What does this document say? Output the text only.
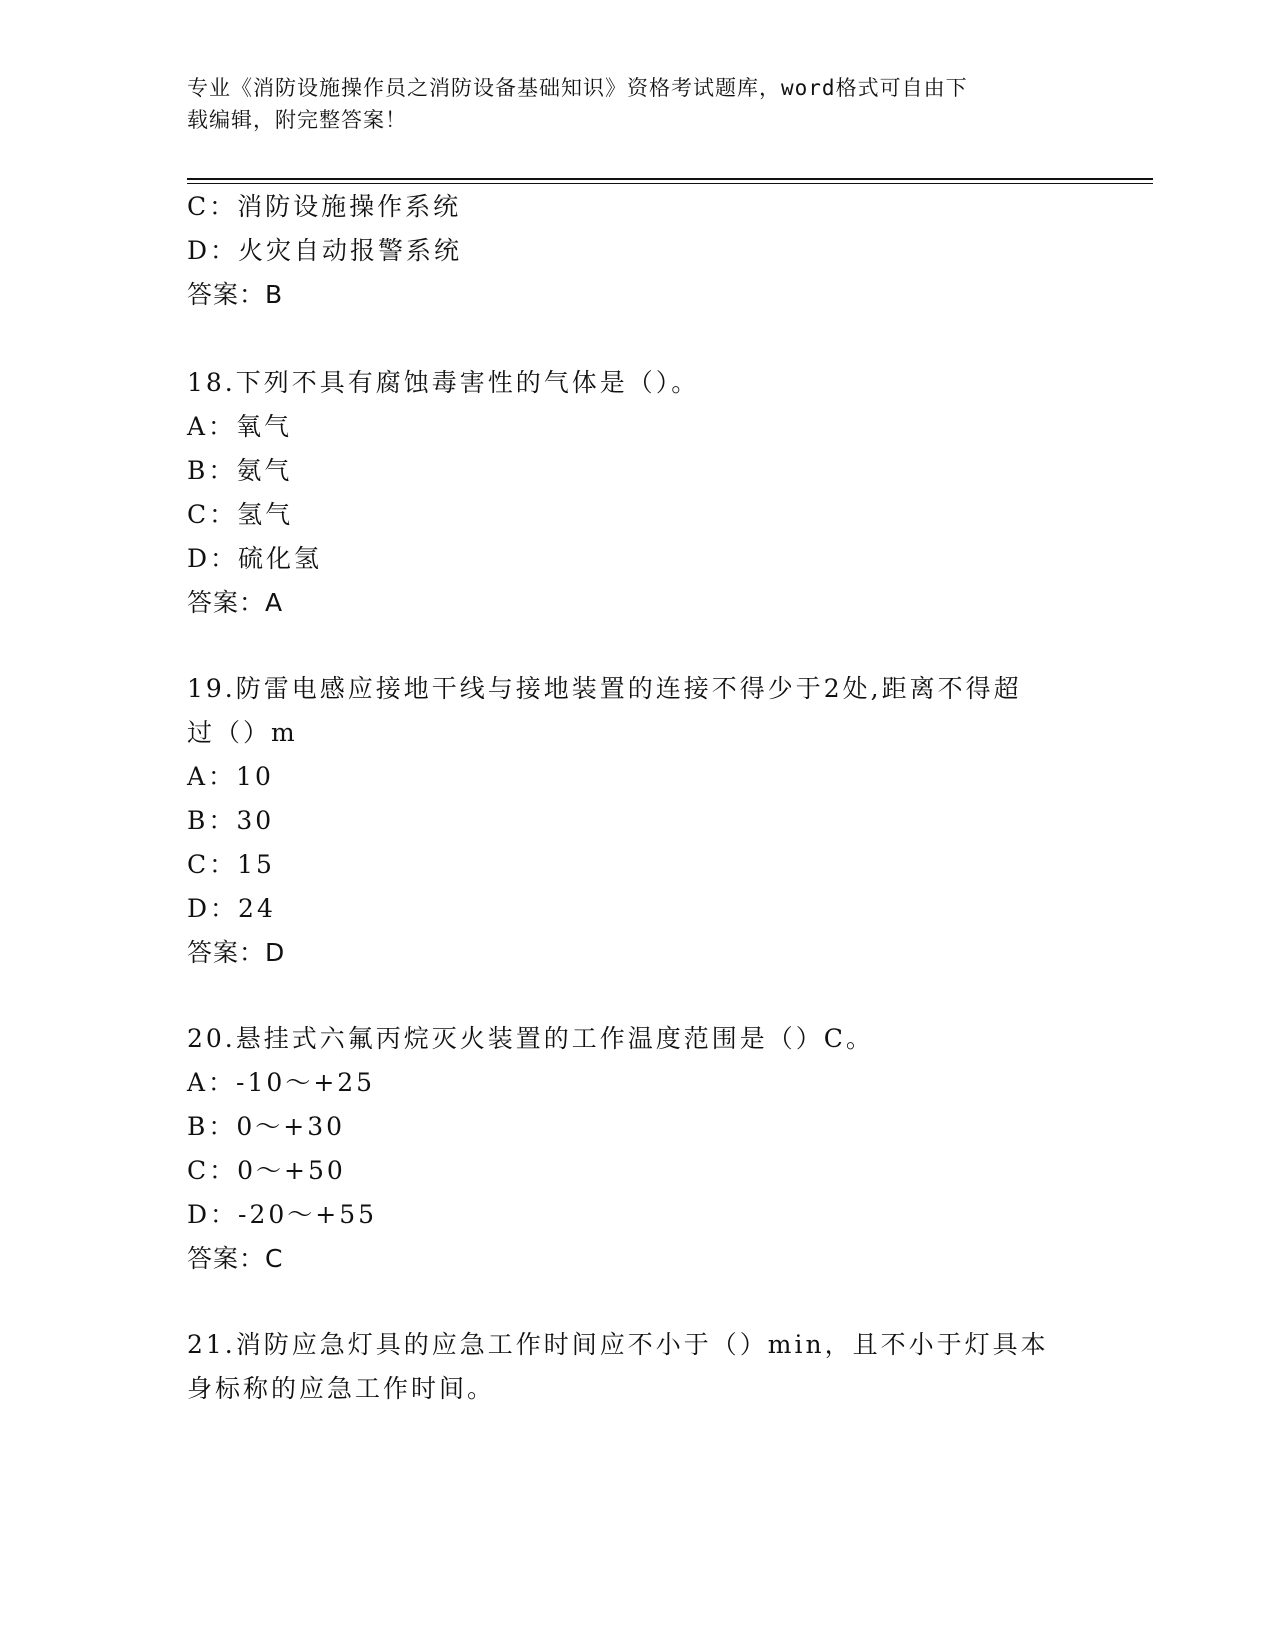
专业《消防设施操作员之消防设备基础知识》资格考试题库，word格式可自由下
载编辑，附完整答案！
C：消防设施操作系统
D：火灾自动报警系统
答案：B
18.下列不具有腐蚀毒害性的气体是（）。
A：氧气
B：氨气
C：氢气
D：硫化氢
答案：A
19.防雷电感应接地干线与接地装置的连接不得少于2处,距离不得超
过（）m
A：10
B：30
C：15
D：24
答案：D
20.悬挂式六氟丙烷灭火装置的工作温度范围是（）C。
A：-10～+25
B：0～+30
C：0～+50
D：-20～+55
答案：C
21.消防应急灯具的应急工作时间应不小于（）min，且不小于灯具本
身标称的应急工作时间。
